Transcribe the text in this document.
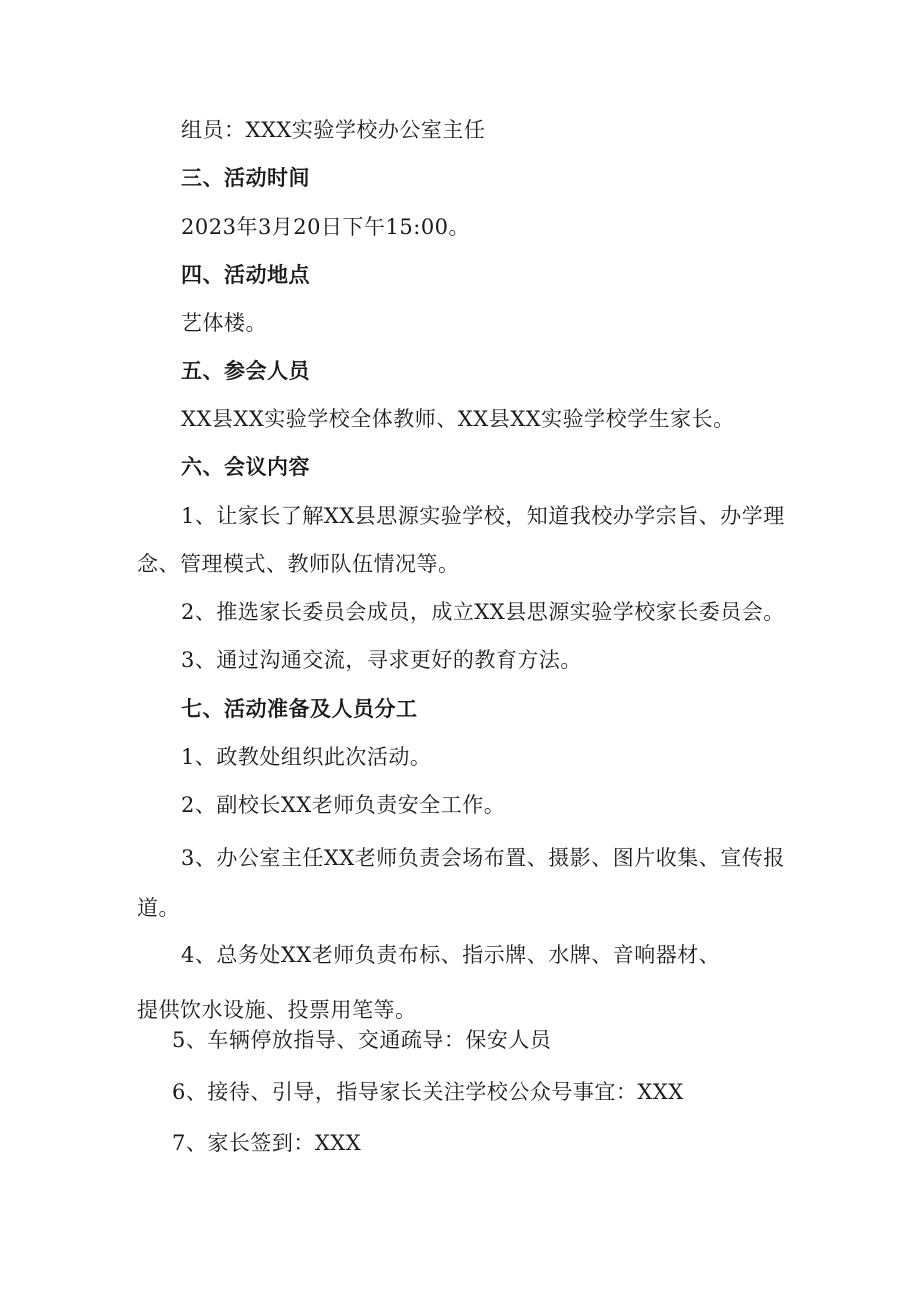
组员：XXX实验学校办公室主任
三、活动时间
2023年3月20日下午15:00。
四、活动地点
艺体楼。
五、参会人员
XX县XX实验学校全体教师、XX县XX实验学校学生家长。
六、会议内容
1、让家长了解XX县思源实验学校，知道我校办学宗旨、办学理
念、管理模式、教师队伍情况等。
2、推选家长委员会成员，成立XX县思源实验学校家长委员会。
3、通过沟通交流，寻求更好的教育方法。
七、活动准备及人员分工
1、政教处组织此次活动。
2、副校长XX老师负责安全工作。
3、办公室主任XX老师负责会场布置、摄影、图片收集、宣传报
道。
4、总务处XX老师负责布标、指示牌、水牌、音响器材、
提供饮水设施、投票用笔等。
5、车辆停放指导、交通疏导：保安人员
6、接待、引导，指导家长关注学校公众号事宜：XXX
7、家长签到：XXX
